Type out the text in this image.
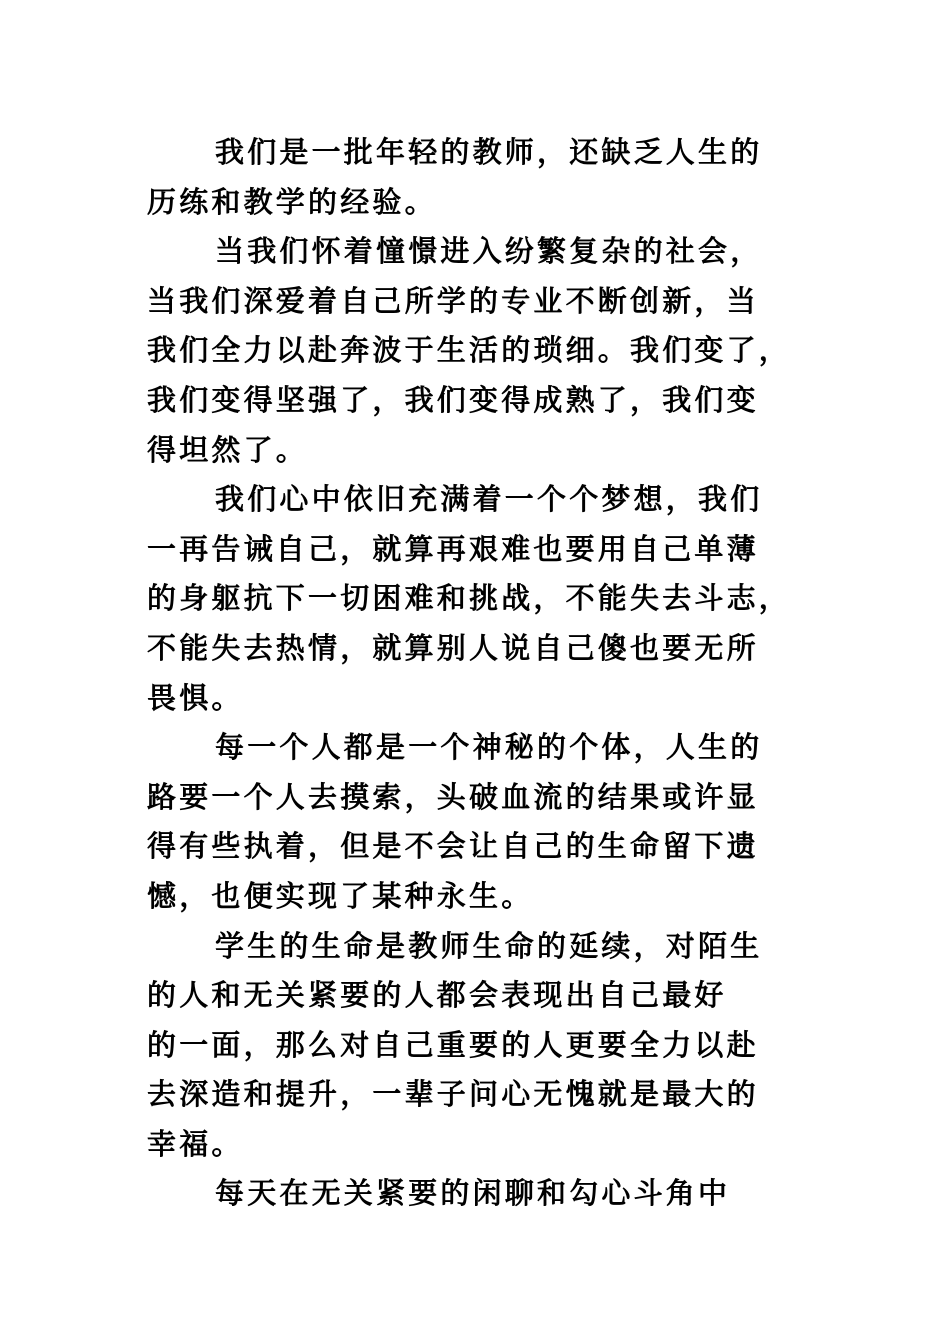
我们是一批年轻的教师，还缺乏人生的
历练和教学的经验。
当我们怀着憧憬进入纷繁复杂的社会，
当我们深爱着自己所学的专业不断创新，当
我们全力以赴奔波于生活的琐细。我们变了，
我们变得坚强了，我们变得成熟了，我们变
得坦然了。
我们心中依旧充满着一个个梦想，我们
一再告诫自己，就算再艰难也要用自己单薄
的身躯抗下一切困难和挑战，不能失去斗志，
不能失去热情，就算别人说自己傻也要无所
畏惧。
每一个人都是一个神秘的个体，人生的
路要一个人去摸索，头破血流的结果或许显
得有些执着，但是不会让自己的生命留下遗
憾，也便实现了某种永生。
学生的生命是教师生命的延续，对陌生
的人和无关紧要的人都会表现出自己最好
的一面，那么对自己重要的人更要全力以赴
去深造和提升，一辈子问心无愧就是最大的
幸福。
每天在无关紧要的闲聊和勾心斗角中
